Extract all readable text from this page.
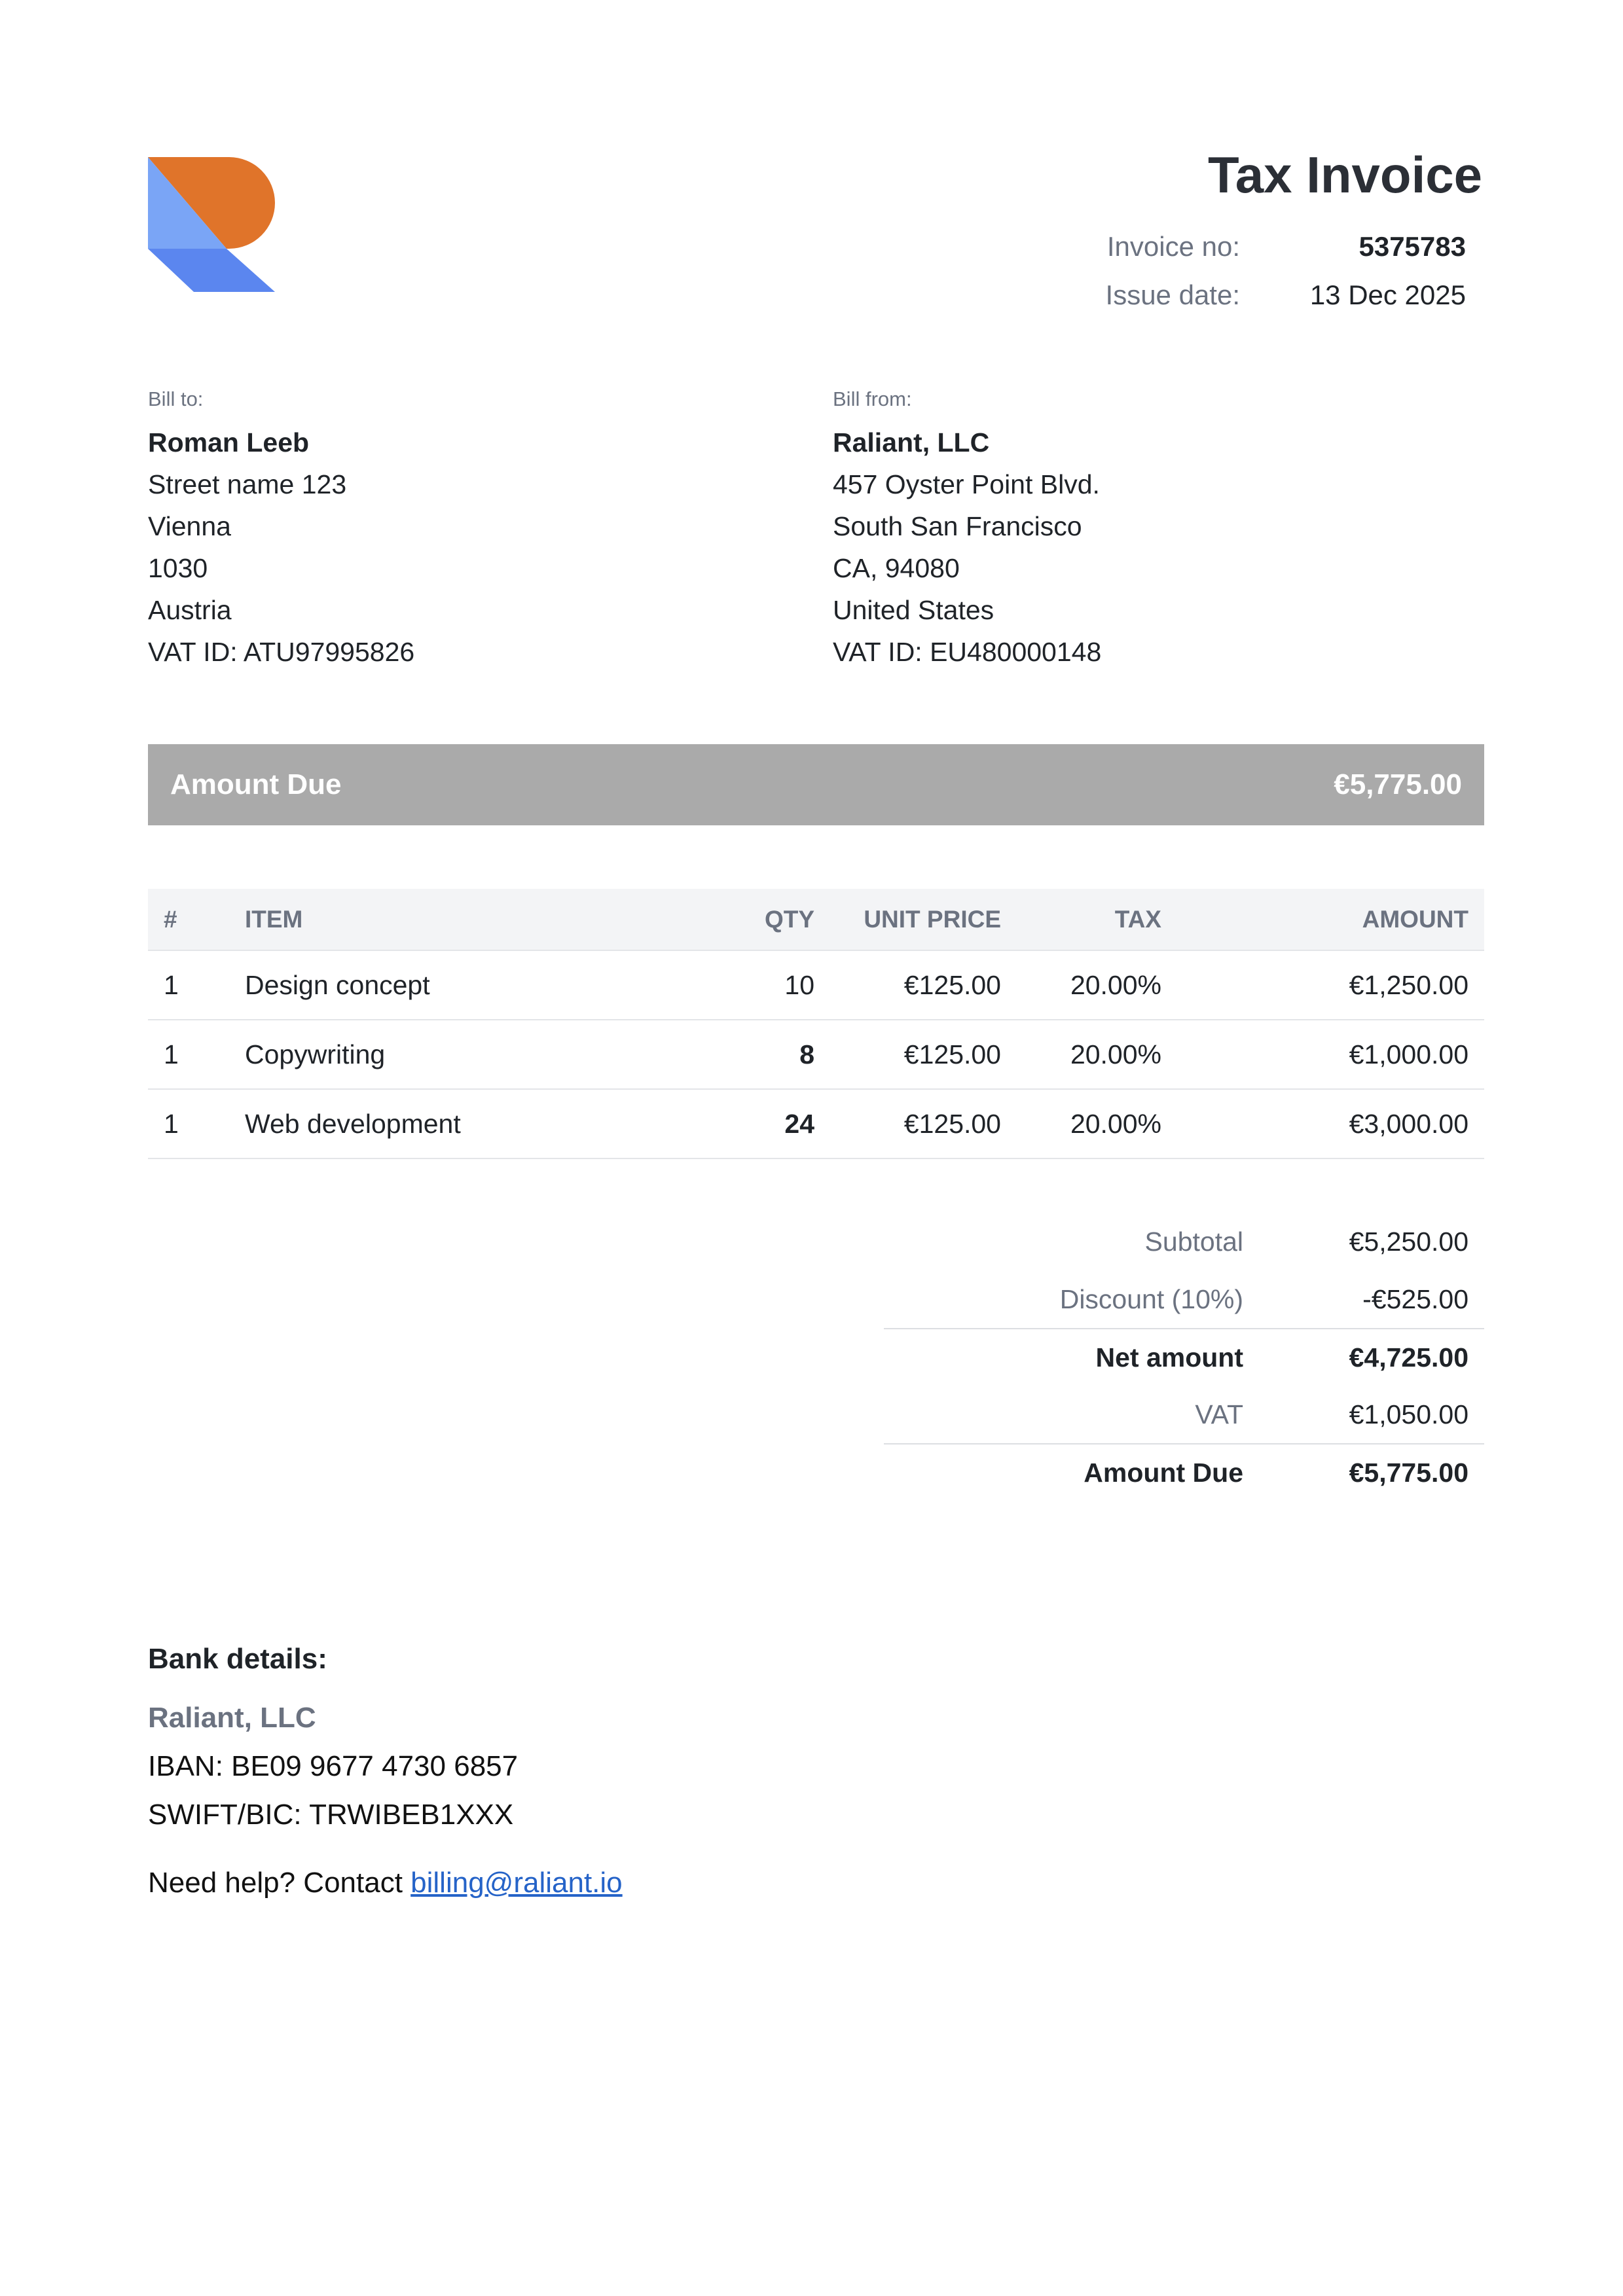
Tax Invoice
Invoice no:	5375783
Issue date:	13 Dec 2025
Bill to:
Roman Leeb
Street name 123
Vienna
1030
Austria
VAT ID: ATU97995826
Bill from:
Raliant, LLC
457 Oyster Point Blvd.
South San Francisco
CA, 94080
United States
VAT ID: EU480000148
Amount Due	€5,775.00
#	ITEM	QTY	UNIT PRICE	TAX	AMOUNT
1	Design concept	10	€125.00	20.00%	€1,250.00
1	Copywriting	8	€125.00	20.00%	€1,000.00
1	Web development	24	€125.00	20.00%	€3,000.00
Subtotal	€5,250.00
Discount (10%)	-€525.00
Net amount	€4,725.00
VAT	€1,050.00
Amount Due	€5,775.00
Bank details:
Raliant, LLC
IBAN: BE09 9677 4730 6857
SWIFT/BIC: TRWIBEB1XXX
Need help? Contact billing@raliant.io
